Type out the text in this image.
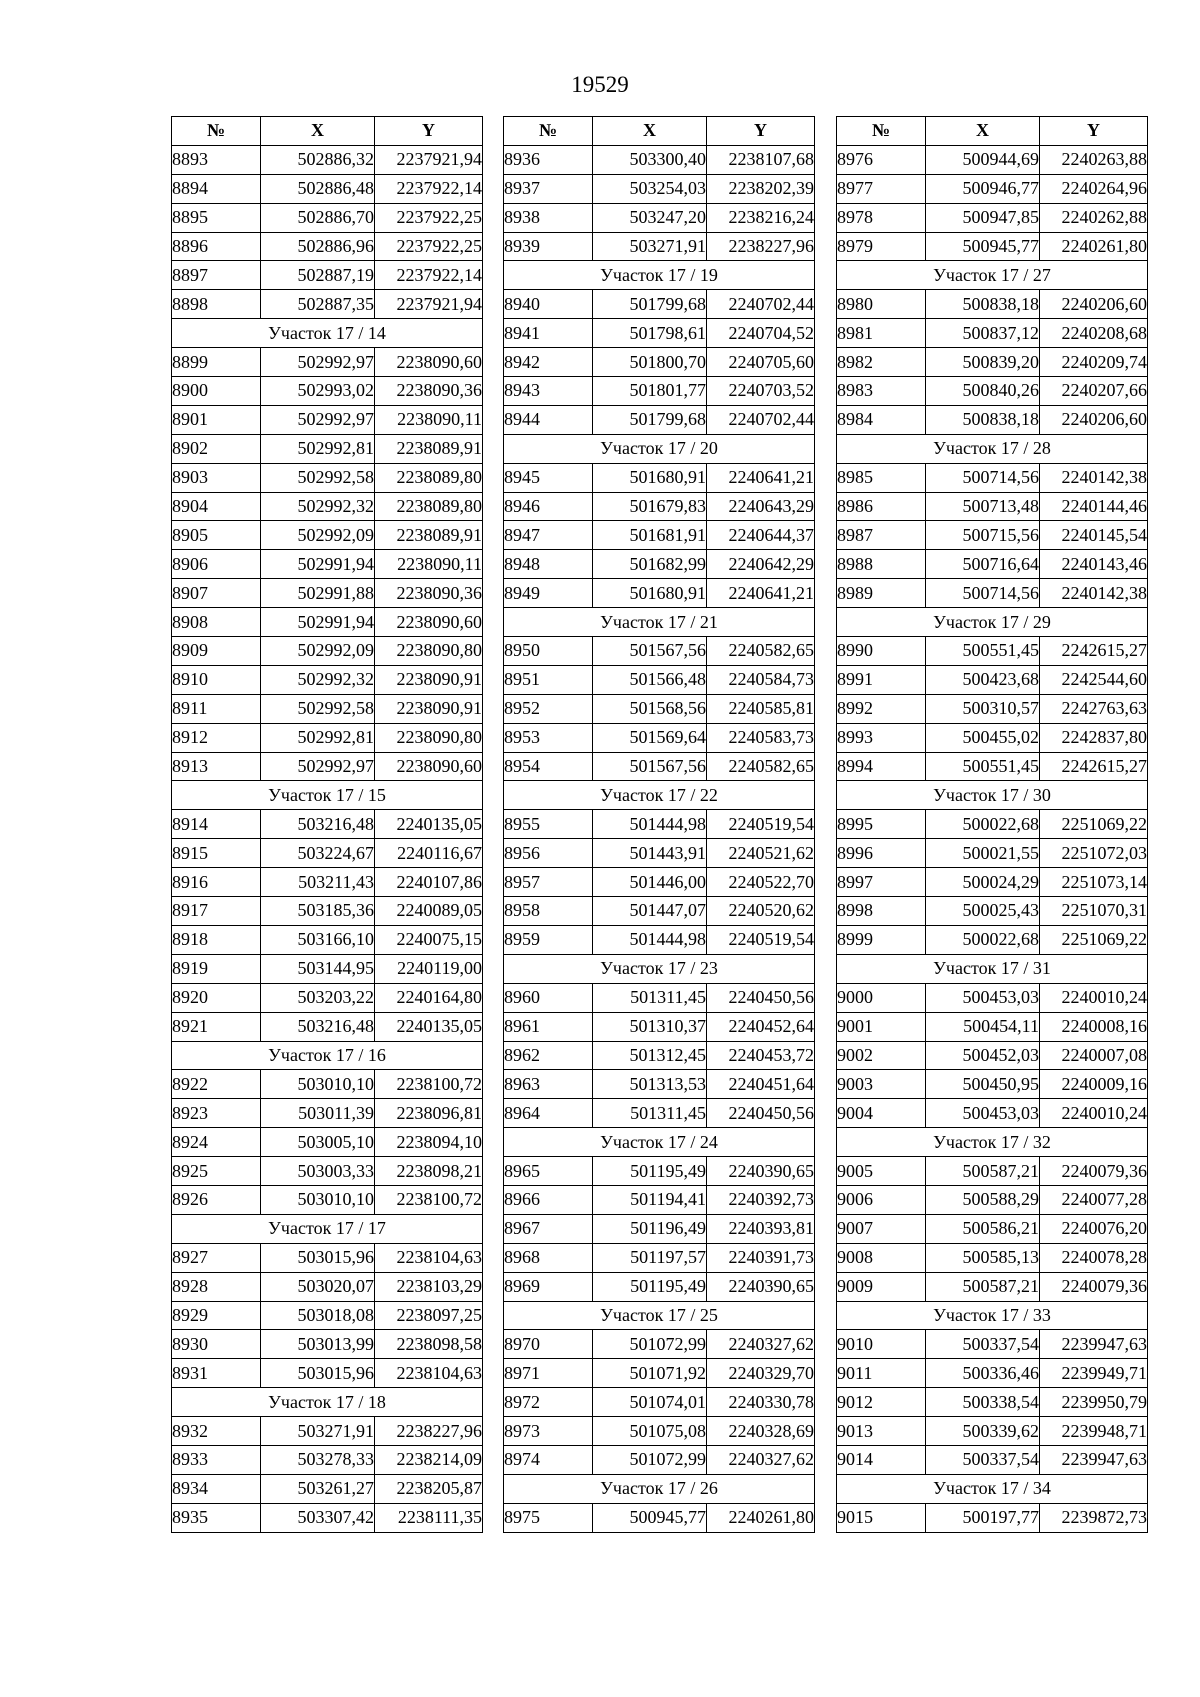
19529
№	X	Y
8893	502886,32	2237921,94
8894	502886,48	2237922,14
8895	502886,70	2237922,25
8896	502886,96	2237922,25
8897	502887,19	2237922,14
8898	502887,35	2237921,94
Участок 17 / 14		
8899	502992,97	2238090,60
8900	502993,02	2238090,36
8901	502992,97	2238090,11
8902	502992,81	2238089,91
8903	502992,58	2238089,80
8904	502992,32	2238089,80
8905	502992,09	2238089,91
8906	502991,94	2238090,11
8907	502991,88	2238090,36
8908	502991,94	2238090,60
8909	502992,09	2238090,80
8910	502992,32	2238090,91
8911	502992,58	2238090,91
8912	502992,81	2238090,80
8913	502992,97	2238090,60
Участок 17 / 15		
8914	503216,48	2240135,05
8915	503224,67	2240116,67
8916	503211,43	2240107,86
8917	503185,36	2240089,05
8918	503166,10	2240075,15
8919	503144,95	2240119,00
8920	503203,22	2240164,80
8921	503216,48	2240135,05
Участок 17 / 16		
8922	503010,10	2238100,72
8923	503011,39	2238096,81
8924	503005,10	2238094,10
8925	503003,33	2238098,21
8926	503010,10	2238100,72
Участок 17 / 17		
8927	503015,96	2238104,63
8928	503020,07	2238103,29
8929	503018,08	2238097,25
8930	503013,99	2238098,58
8931	503015,96	2238104,63
Участок 17 / 18		
8932	503271,91	2238227,96
8933	503278,33	2238214,09
8934	503261,27	2238205,87
8935	503307,42	2238111,35
№	X	Y
8936	503300,40	2238107,68
8937	503254,03	2238202,39
8938	503247,20	2238216,24
8939	503271,91	2238227,96
Участок 17 / 19		
8940	501799,68	2240702,44
8941	501798,61	2240704,52
8942	501800,70	2240705,60
8943	501801,77	2240703,52
8944	501799,68	2240702,44
Участок 17 / 20		
8945	501680,91	2240641,21
8946	501679,83	2240643,29
8947	501681,91	2240644,37
8948	501682,99	2240642,29
8949	501680,91	2240641,21
Участок 17 / 21		
8950	501567,56	2240582,65
8951	501566,48	2240584,73
8952	501568,56	2240585,81
8953	501569,64	2240583,73
8954	501567,56	2240582,65
Участок 17 / 22		
8955	501444,98	2240519,54
8956	501443,91	2240521,62
8957	501446,00	2240522,70
8958	501447,07	2240520,62
8959	501444,98	2240519,54
Участок 17 / 23		
8960	501311,45	2240450,56
8961	501310,37	2240452,64
8962	501312,45	2240453,72
8963	501313,53	2240451,64
8964	501311,45	2240450,56
Участок 17 / 24		
8965	501195,49	2240390,65
8966	501194,41	2240392,73
8967	501196,49	2240393,81
8968	501197,57	2240391,73
8969	501195,49	2240390,65
Участок 17 / 25		
8970	501072,99	2240327,62
8971	501071,92	2240329,70
8972	501074,01	2240330,78
8973	501075,08	2240328,69
8974	501072,99	2240327,62
Участок 17 / 26		
8975	500945,77	2240261,80
№	X	Y
8976	500944,69	2240263,88
8977	500946,77	2240264,96
8978	500947,85	2240262,88
8979	500945,77	2240261,80
Участок 17 / 27		
8980	500838,18	2240206,60
8981	500837,12	2240208,68
8982	500839,20	2240209,74
8983	500840,26	2240207,66
8984	500838,18	2240206,60
Участок 17 / 28		
8985	500714,56	2240142,38
8986	500713,48	2240144,46
8987	500715,56	2240145,54
8988	500716,64	2240143,46
8989	500714,56	2240142,38
Участок 17 / 29		
8990	500551,45	2242615,27
8991	500423,68	2242544,60
8992	500310,57	2242763,63
8993	500455,02	2242837,80
8994	500551,45	2242615,27
Участок 17 / 30		
8995	500022,68	2251069,22
8996	500021,55	2251072,03
8997	500024,29	2251073,14
8998	500025,43	2251070,31
8999	500022,68	2251069,22
Участок 17 / 31		
9000	500453,03	2240010,24
9001	500454,11	2240008,16
9002	500452,03	2240007,08
9003	500450,95	2240009,16
9004	500453,03	2240010,24
Участок 17 / 32		
9005	500587,21	2240079,36
9006	500588,29	2240077,28
9007	500586,21	2240076,20
9008	500585,13	2240078,28
9009	500587,21	2240079,36
Участок 17 / 33		
9010	500337,54	2239947,63
9011	500336,46	2239949,71
9012	500338,54	2239950,79
9013	500339,62	2239948,71
9014	500337,54	2239947,63
Участок 17 / 34		
9015	500197,77	2239872,73
